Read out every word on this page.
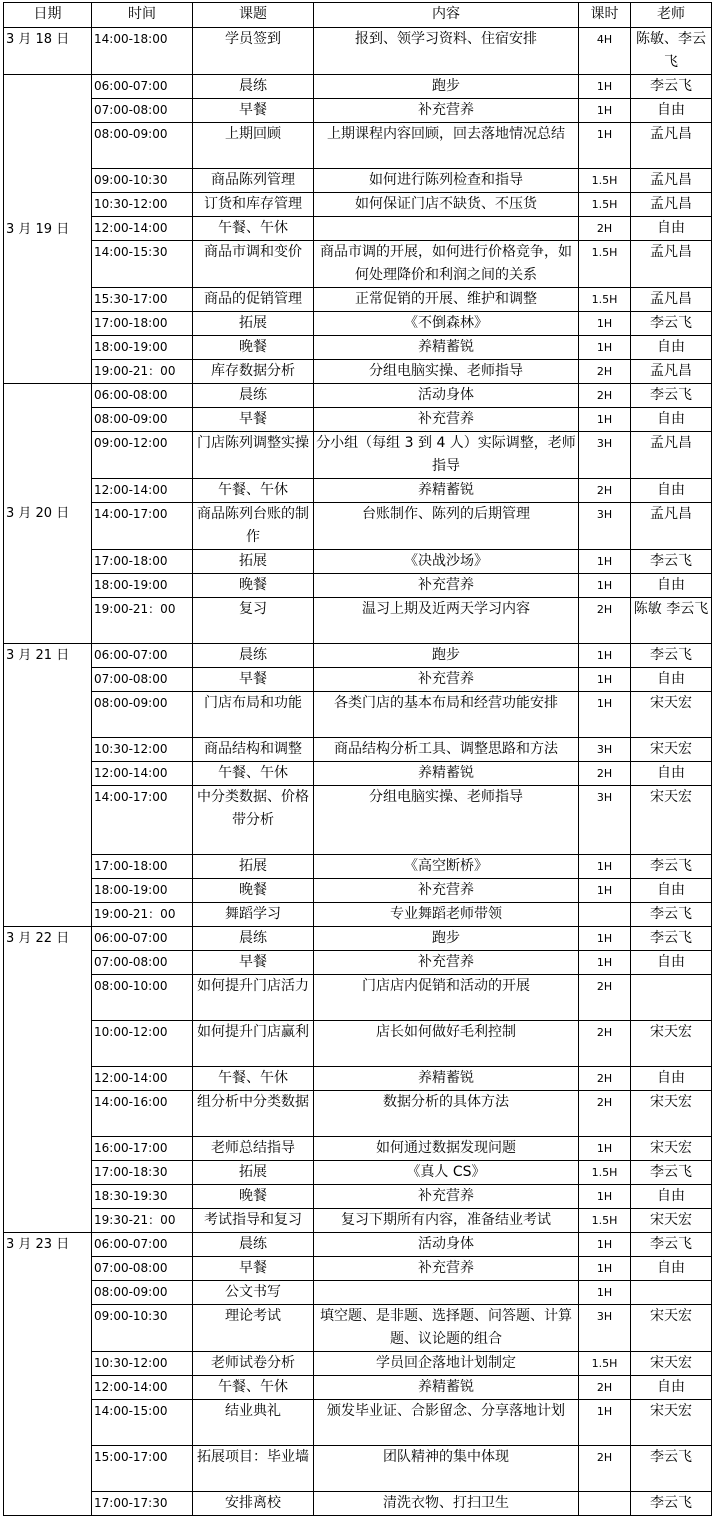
日期	时间	课题	内容	课时	老师
3 月 18 日	14:00-18:00	学员签到	报到、领学习资料、住宿安排	4H	陈敏、李云飞
3 月 19 日	06:00-07:00	晨练	跑步	1H	李云飞
	07:00-08:00	早餐	补充营养	1H	自由
	08:00-09:00	上期回顾	上期课程内容回顾，回去落地情况总结	1H	孟凡昌
	09:00-10:30	商品陈列管理	如何进行陈列检查和指导	1.5H	孟凡昌
	10:30-12:00	订货和库存管理	如何保证门店不缺货、不压货	1.5H	孟凡昌
	12:00-14:00	午餐、午休		2H	自由
	14:00-15:30	商品市调和变价	商品市调的开展，如何进行价格竞争，如何处理降价和利润之间的关系	1.5H	孟凡昌
	15:30-17:00	商品的促销管理	正常促销的开展、维护和调整	1.5H	孟凡昌
	17:00-18:00	拓展	《不倒森林》	1H	李云飞
	18:00-19:00	晚餐	养精蓄锐	1H	自由
	19:00-21：00	库存数据分析	分组电脑实操、老师指导	2H	孟凡昌
3 月 20 日	06:00-08:00	晨练	活动身体	2H	李云飞
	08:00-09:00	早餐	补充营养	1H	自由
	09:00-12:00	门店陈列调整实操	分小组（每组 3 到 4 人）实际调整，老师指导	3H	孟凡昌
	12:00-14:00	午餐、午休	养精蓄锐	2H	自由
	14:00-17:00	商品陈列台账的制作	台账制作、陈列的后期管理	3H	孟凡昌
	17:00-18:00	拓展	《决战沙场》	1H	李云飞
	18:00-19:00	晚餐	补充营养	1H	自由
	19:00-21：00	复习	温习上期及近两天学习内容	2H	陈敏 李云飞
3 月 21 日	06:00-07:00	晨练	跑步	1H	李云飞
	07:00-08:00	早餐	补充营养	1H	自由
	08:00-09:00	门店布局和功能	各类门店的基本布局和经营功能安排	1H	宋天宏
	10:30-12:00	商品结构和调整	商品结构分析工具、调整思路和方法	3H	宋天宏
	12:00-14:00	午餐、午休	养精蓄锐	2H	自由
	14:00-17:00	中分类数据、价格带分析	分组电脑实操、老师指导	3H	宋天宏
	17:00-18:00	拓展	《高空断桥》	1H	李云飞
	18:00-19:00	晚餐	补充营养	1H	自由
	19:00-21：00	舞蹈学习	专业舞蹈老师带领		李云飞
3 月 22 日	06:00-07:00	晨练	跑步	1H	李云飞
	07:00-08:00	早餐	补充营养	1H	自由
	08:00-10:00	如何提升门店活力	门店店内促销和活动的开展	2H	
	10:00-12:00	如何提升门店赢利	店长如何做好毛利控制	2H	宋天宏
	12:00-14:00	午餐、午休	养精蓄锐	2H	自由
	14:00-16:00	组分析中分类数据	数据分析的具体方法	2H	宋天宏
	16:00-17:00	老师总结指导	如何通过数据发现问题	1H	宋天宏
	17:00-18:30	拓展	《真人 CS》	1.5H	李云飞
	18:30-19:30	晚餐	补充营养	1H	自由
	19:30-21：00	考试指导和复习	复习下期所有内容，准备结业考试	1.5H	宋天宏
3 月 23 日	06:00-07:00	晨练	活动身体	1H	李云飞
	07:00-08:00	早餐	补充营养	1H	自由
	08:00-09:00	公文书写		1H	
	09:00-10:30	理论考试	填空题、是非题、选择题、问答题、计算题、议论题的组合	3H	宋天宏
	10:30-12:00	老师试卷分析	学员回企落地计划制定	1.5H	宋天宏
	12:00-14:00	午餐、午休	养精蓄锐	2H	自由
	14:00-15:00	结业典礼	颁发毕业证、合影留念、分享落地计划	1H	宋天宏
	15:00-17:00	拓展项目：毕业墙	团队精神的集中体现	2H	李云飞
	17:00-17:30	安排离校	清洗衣物、打扫卫生		李云飞
